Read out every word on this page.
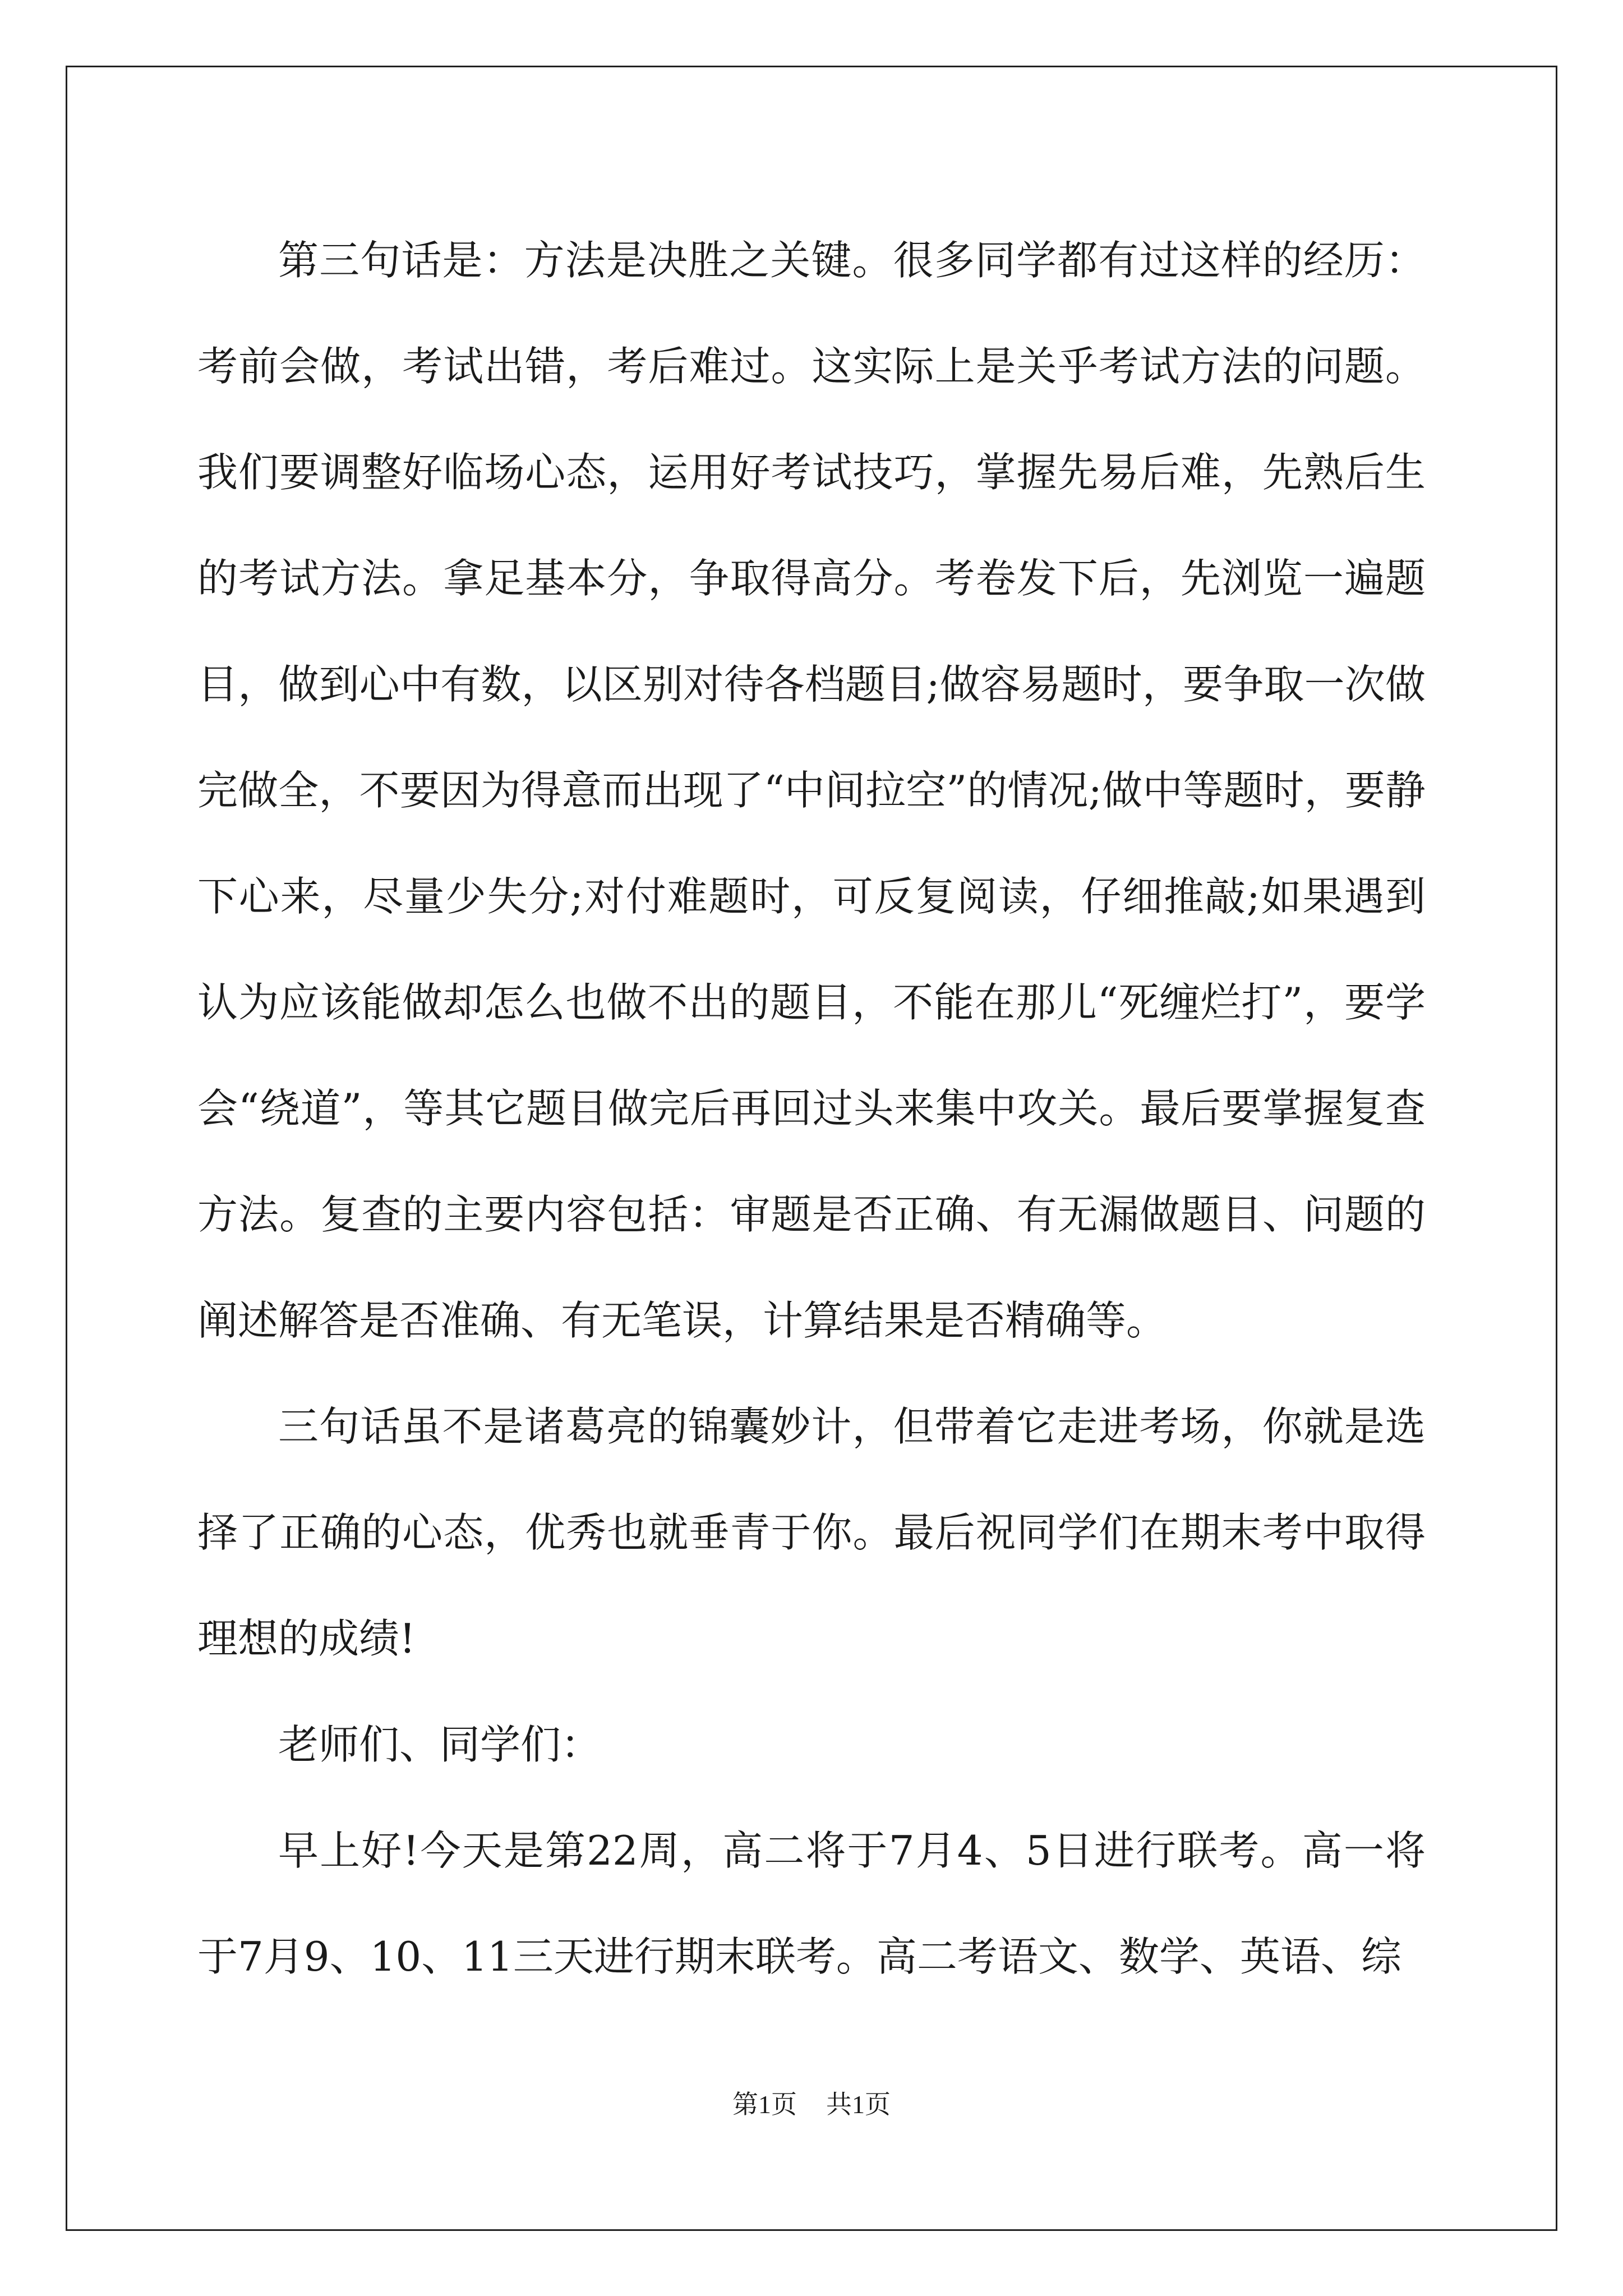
第三句话是：方法是决胜之关键。很多同学都有过这样的经历：考前会做，考试出错，考后难过。这实际上是关乎考试方法的问题。我们要调整好临场心态，运用好考试技巧，掌握先易后难，先熟后生的考试方法。拿足基本分，争取得高分。考卷发下后，先浏览一遍题目，做到心中有数，以区别对待各档题目;做容易题时，要争取一次做完做全，不要因为得意而出现了“中间拉空”的情况;做中等题时，要静下心来，尽量少失分;对付难题时，可反复阅读，仔细推敲;如果遇到认为应该能做却怎么也做不出的题目，不能在那儿“死缠烂打”，要学会“绕道”，等其它题目做完后再回过头来集中攻关。最后要掌握复查方法。复查的主要内容包括：审题是否正确、有无漏做题目、问题的阐述解答是否准确、有无笔误，计算结果是否精确等。

三句话虽不是诸葛亮的锦囊妙计，但带着它走进考场，你就是选择了正确的心态，优秀也就垂青于你。最后祝同学们在期末考中取得理想的成绩!

老师们、同学们：

早上好!今天是第22周，高二将于7月4、5日进行联考。高一将于7月9、10、11三天进行期末联考。高二考语文、数学、英语、综

第1页 共1页
